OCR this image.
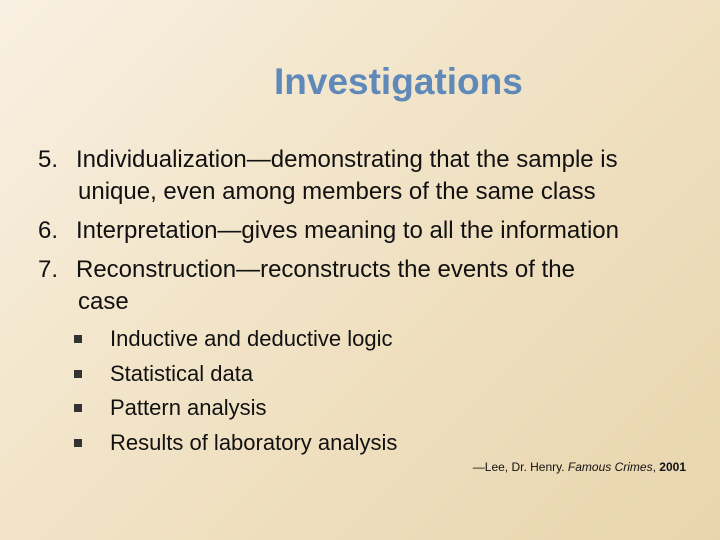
Investigations
5. Individualization—demonstrating that the sample is
unique, even among members of the same class
6. Interpretation—gives meaning to all the information
7. Reconstruction—reconstructs the events of the
case
Inductive and deductive logic
Statistical data
Pattern analysis
Results of laboratory analysis
—Lee, Dr. Henry. Famous Crimes, 2001
